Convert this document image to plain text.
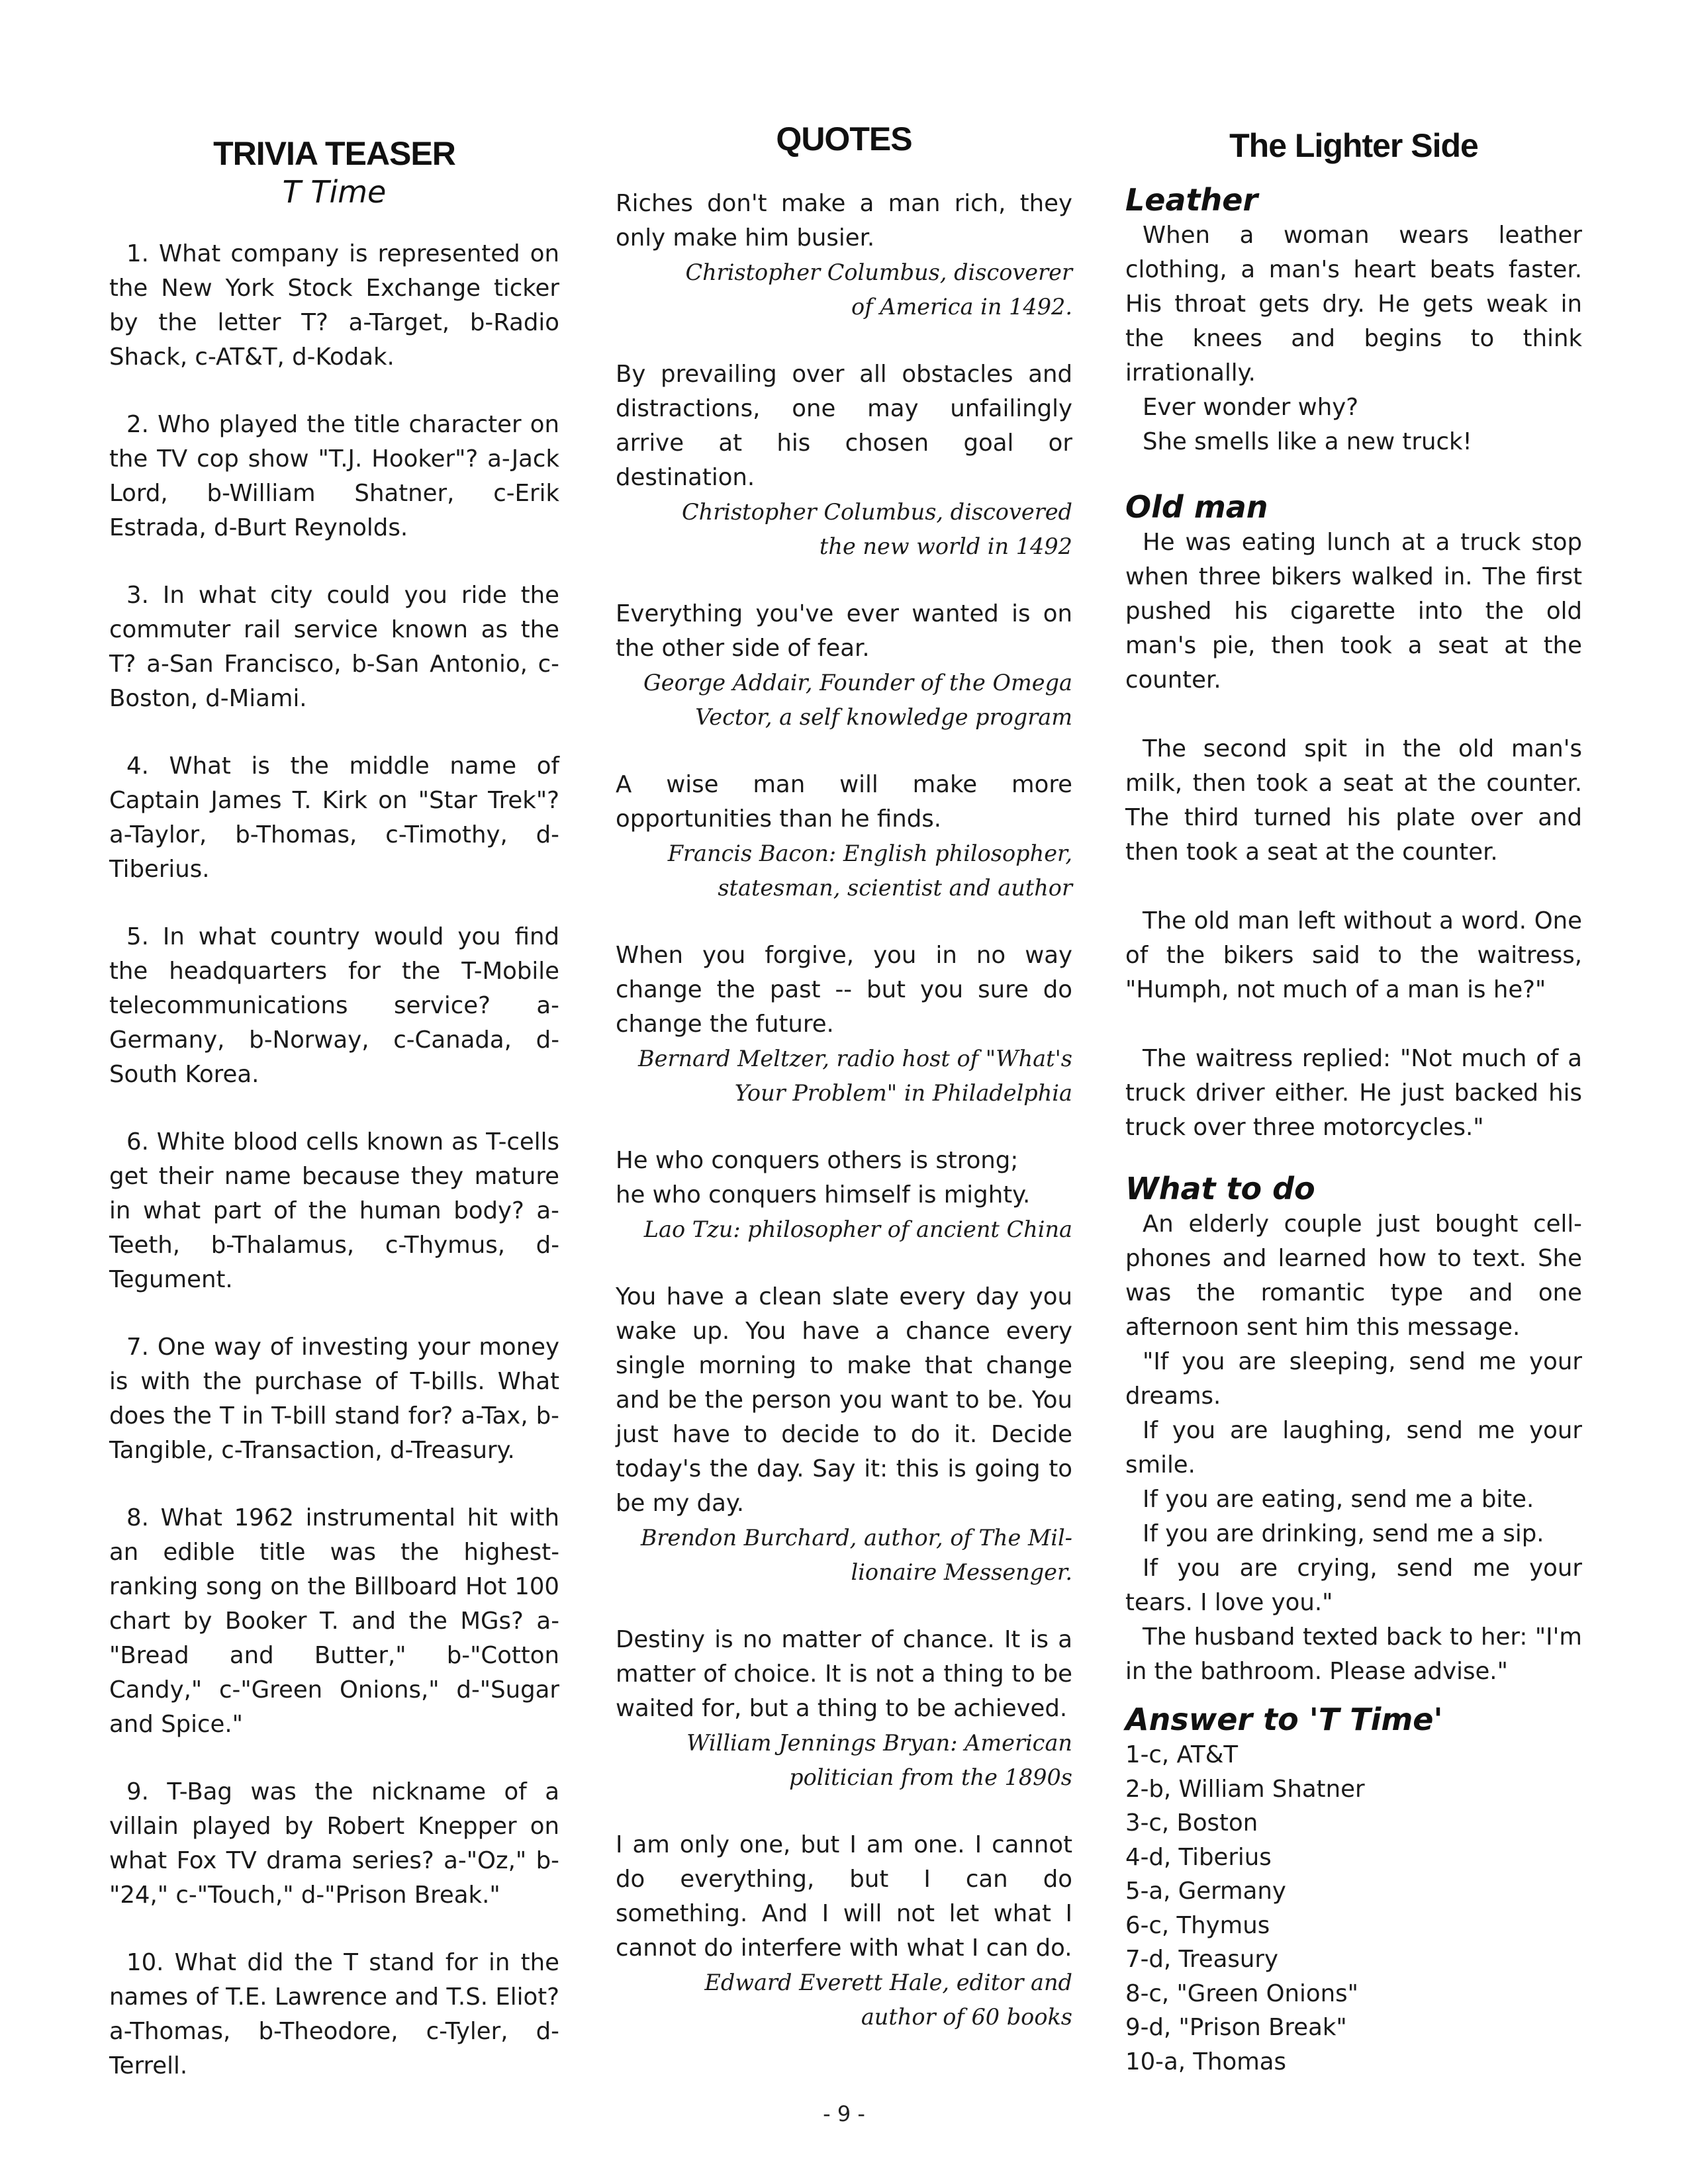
TRIVIA TEASER

T Time

1. What company is represented on the New York Stock Exchange ticker by the letter T? a-Target, b-Radio Shack, c-AT&T, d-Kodak.

2. Who played the title character on the TV cop show "T.J. Hooker"? a-Jack Lord, b-William Shatner, c-Erik Estrada, d-Burt Reynolds.

3. In what city could you ride the commuter rail service known as the T? a-San Francisco, b-San Antonio, c-Boston, d-Miami.

4. What is the middle name of Captain James T. Kirk on "Star Trek"? a-Taylor, b-Thomas, c-Timothy, d-Tiberius.

5. In what country would you find the headquarters for the T-Mobile telecommunications service? a-Germany, b-Norway, c-Canada, d-South Korea.

6. White blood cells known as T-cells get their name because they mature in what part of the human body? a-Teeth, b-Thalamus, c-Thymus, d-Tegument.

7. One way of investing your money is with the purchase of T-bills. What does the T in T-bill stand for? a-Tax, b-Tangible, c-Transaction, d-Treasury.

8. What 1962 instrumental hit with an edible title was the highest-ranking song on the Billboard Hot 100 chart by Booker T. and the MGs? a-"Bread and Butter," b-"Cotton Candy," c-"Green Onions," d-"Sugar and Spice."

9. T-Bag was the nickname of a villain played by Robert Knepper on what Fox TV drama series? a-"Oz," b-"24," c-"Touch," d-"Prison Break."

10. What did the T stand for in the names of T.E. Lawrence and T.S. Eliot? a-Thomas, b-Theodore, c-Tyler, d-Terrell.

QUOTES

Riches don't make a man rich, they only make him busier.

Christopher Columbus, discoverer

of America in 1492.

By prevailing over all obstacles and distractions, one may unfailingly arrive at his chosen goal or destination.

Christopher Columbus, discovered

the new world in 1492

Everything you've ever wanted is on the other side of fear.

George Addair, Founder of the Omega

Vector, a self knowledge program

A wise man will make more opportunities than he finds.

Francis Bacon: English philosopher,

statesman, scientist and author

When you forgive, you in no way change the past -- but you sure do change the future.

Bernard Meltzer, radio host of "What's

Your Problem" in Philadelphia

He who conquers others is strong;
he who conquers himself is mighty.

Lao Tzu: philosopher of ancient China

You have a clean slate every day you wake up. You have a chance every single morning to make that change and be the person you want to be. You just have to decide to do it. Decide today's the day. Say it: this is going to be my day.

Brendon Burchard, author, of The Mil-

lionaire Messenger.

Destiny is no matter of chance. It is a matter of choice. It is not a thing to be waited for, but a thing to be achieved.

William Jennings Bryan: American

politician from the 1890s

I am only one, but I am one. I cannot do everything, but I can do something. And I will not let what I cannot do interfere with what I can do.

Edward Everett Hale, editor and

author of 60 books

The Lighter Side
Leather

When a woman wears leather clothing, a man's heart beats faster. His throat gets dry. He gets weak in the knees and begins to think irrationally.

Ever wonder why?

She smells like a new truck!

Old man

He was eating lunch at a truck stop when three bikers walked in. The first pushed his cigarette into the old man's pie, then took a seat at the counter.

The second spit in the old man's milk, then took a seat at the counter. The third turned his plate over and then took a seat at the counter.

The old man left without a word. One of the bikers said to the waitress, "Humph, not much of a man is he?"

The waitress replied: "Not much of a truck driver either. He just backed his truck over three motorcycles."

What to do

An elderly couple just bought cell-phones and learned how to text. She was the romantic type and one afternoon sent him this message.

"If you are sleeping, send me your dreams.

If you are laughing, send me your smile.

If you are eating, send me a bite.

If you are drinking, send me a sip.

If you are crying, send me your tears. I love you."

The husband texted back to her: "I'm in the bathroom. Please advise."

Answer to 'T Time'

1-c, AT&T

2-b, William Shatner

3-c, Boston

4-d, Tiberius

5-a, Germany

6-c, Thymus

7-d, Treasury

8-c, "Green Onions"

9-d, "Prison Break"

10-a, Thomas

- 9 -
